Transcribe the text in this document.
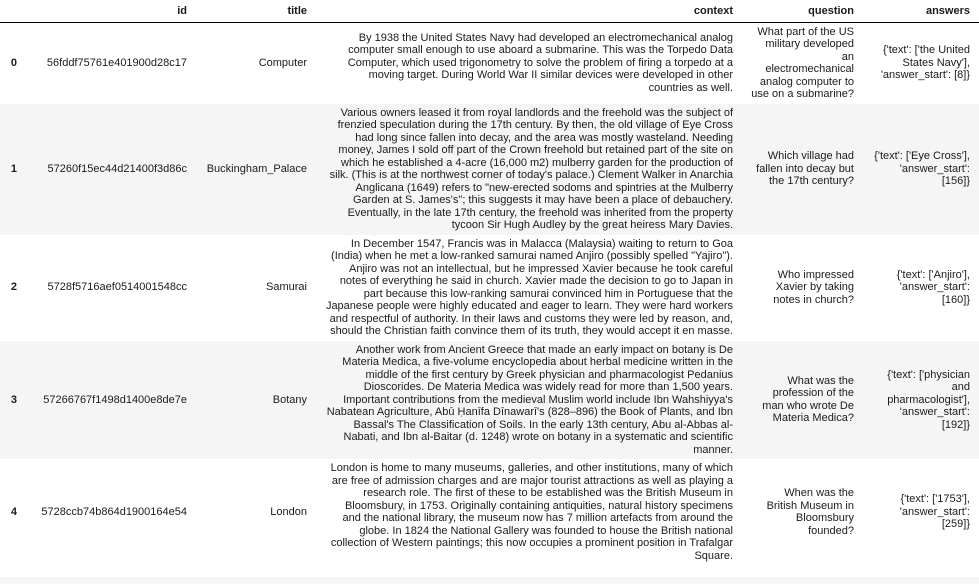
	id	title	context	question	answers
0	56fddf75761e401900d28c17	Computer	By 1938 the United States Navy had developed an electromechanical analog computer small enough to use aboard a submarine. This was the Torpedo Data Computer, which used trigonometry to solve the problem of firing a torpedo at a moving target. During World War II similar devices were developed in other countries as well.	What part of the US military developed an electromechanical analog computer to use on a submarine?	{'text': ['the United States Navy'], 'answer_start': [8]}
1	57260f15ec44d21400f3d86c	Buckingham_Palace	Various owners leased it from royal landlords and the freehold was the subject of frenzied speculation during the 17th century. By then, the old village of Eye Cross had long since fallen into decay, and the area was mostly wasteland. Needing money, James I sold off part of the Crown freehold but retained part of the site on which he established a 4-acre (16,000 m2) mulberry garden for the production of silk. (This is at the northwest corner of today's palace.) Clement Walker in Anarchia Anglicana (1649) refers to "new-erected sodoms and spintries at the Mulberry Garden at S. James's"; this suggests it may have been a place of debauchery. Eventually, in the late 17th century, the freehold was inherited from the property tycoon Sir Hugh Audley by the great heiress Mary Davies.	Which village had fallen into decay but the 17th century?	{'text': ['Eye Cross'], 'answer_start': [156]}
2	5728f5716aef0514001548cc	Samurai	In December 1547, Francis was in Malacca (Malaysia) waiting to return to Goa (India) when he met a low-ranked samurai named Anjiro (possibly spelled "Yajiro"). Anjiro was not an intellectual, but he impressed Xavier because he took careful notes of everything he said in church. Xavier made the decision to go to Japan in part because this low-ranking samurai convinced him in Portuguese that the Japanese people were highly educated and eager to learn. They were hard workers and respectful of authority. In their laws and customs they were led by reason, and, should the Christian faith convince them of its truth, they would accept it en masse.	Who impressed Xavier by taking notes in church?	{'text': ['Anjiro'], 'answer_start': [160]}
3	57266767f1498d1400e8de7e	Botany	Another work from Ancient Greece that made an early impact on botany is De Materia Medica, a five-volume encyclopedia about herbal medicine written in the middle of the first century by Greek physician and pharmacologist Pedanius Dioscorides. De Materia Medica was widely read for more than 1,500 years. Important contributions from the medieval Muslim world include Ibn Wahshiyya's Nabatean Agriculture, Abū Ḥanīfa Dīnawarī's (828–896) the Book of Plants, and Ibn Bassal's The Classification of Soils. In the early 13th century, Abu al-Abbas al-Nabati, and Ibn al-Baitar (d. 1248) wrote on botany in a systematic and scientific manner.	What was the profession of the man who wrote De Materia Medica?	{'text': ['physician and pharmacologist'], 'answer_start': [192]}
4	5728ccb74b864d1900164e54	London	London is home to many museums, galleries, and other institutions, many of which are free of admission charges and are major tourist attractions as well as playing a research role. The first of these to be established was the British Museum in Bloomsbury, in 1753. Originally containing antiquities, natural history specimens and the national library, the museum now has 7 million artefacts from around the globe. In 1824 the National Gallery was founded to house the British national collection of Western paintings; this now occupies a prominent position in Trafalgar Square.	When was the British Museum in Bloomsbury founded?	{'text': ['1753'], 'answer_start': [259]}
